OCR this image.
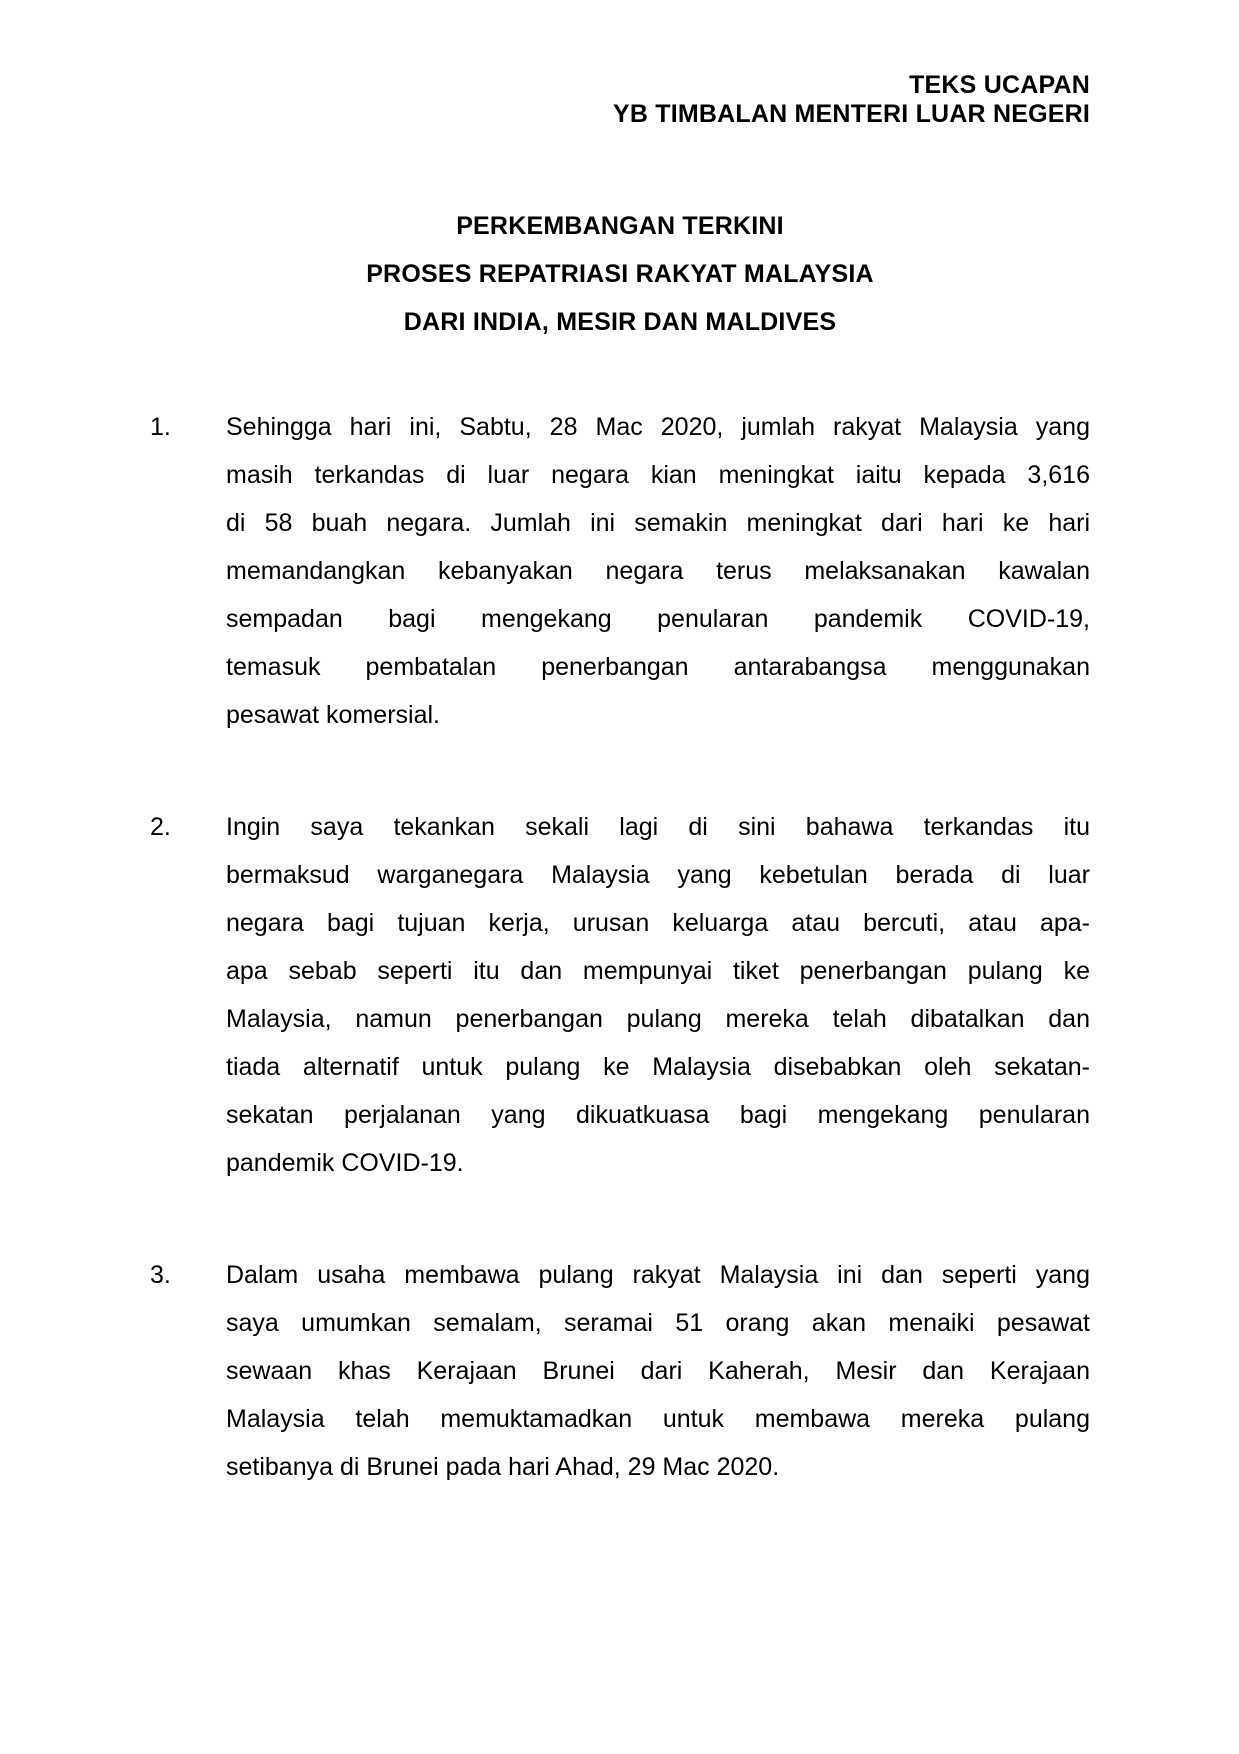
TEKS UCAPAN
YB TIMBALAN MENTERI LUAR NEGERI
PERKEMBANGAN TERKINI
PROSES REPATRIASI RAKYAT MALAYSIA
DARI INDIA, MESIR DAN MALDIVES
1.	Sehingga hari ini, Sabtu, 28 Mac 2020, jumlah rakyat Malaysia yang
masih terkandas di luar negara kian meningkat iaitu kepada 3,616
di 58 buah negara. Jumlah ini semakin meningkat dari hari ke hari
memandangkan kebanyakan negara terus melaksanakan kawalan
sempadan bagi mengekang penularan pandemik COVID-19,
temasuk pembatalan penerbangan antarabangsa menggunakan
pesawat komersial.
2.	Ingin saya tekankan sekali lagi di sini bahawa terkandas itu
bermaksud warganegara Malaysia yang kebetulan berada di luar
negara bagi tujuan kerja, urusan keluarga atau bercuti, atau apa-
apa sebab seperti itu dan mempunyai tiket penerbangan pulang ke
Malaysia, namun penerbangan pulang mereka telah dibatalkan dan
tiada alternatif untuk pulang ke Malaysia disebabkan oleh sekatan-
sekatan perjalanan yang dikuatkuasa bagi mengekang penularan
pandemik COVID-19.
3.	Dalam usaha membawa pulang rakyat Malaysia ini dan seperti yang
saya umumkan semalam, seramai 51 orang akan menaiki pesawat
sewaan khas Kerajaan Brunei dari Kaherah, Mesir dan Kerajaan
Malaysia telah memuktamadkan untuk membawa mereka pulang
setibanya di Brunei pada hari Ahad, 29 Mac 2020.
